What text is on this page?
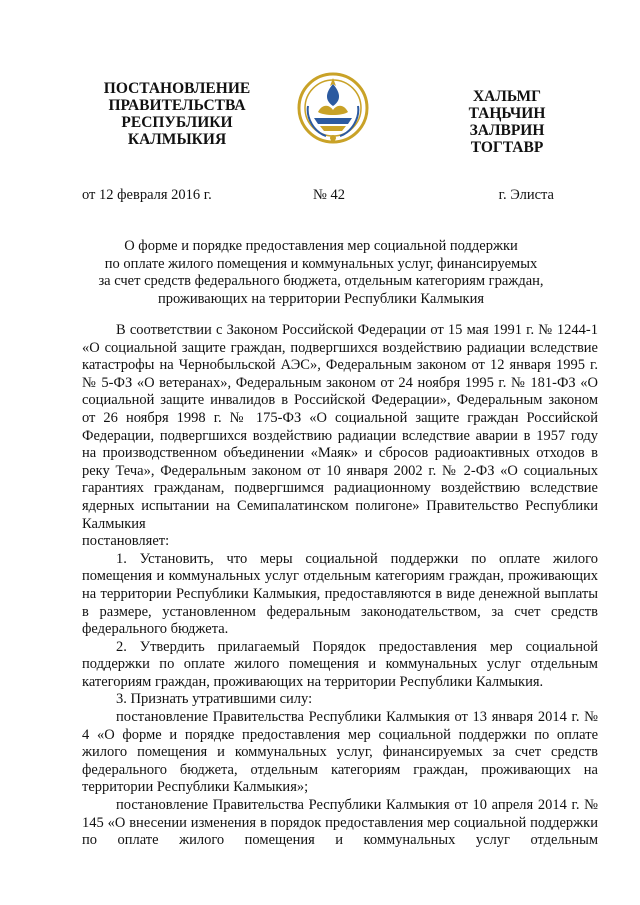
ПОСТАНОВЛЕНИЕ
ПРАВИТЕЛЬСТВА
РЕСПУБЛИКИ
КАЛМЫКИЯ
ХАЛЬМГ
ТАҢЬЧИН
ЗАЛВРИН
ТОГТАВР
от 12 февраля 2016 г.	№ 42	г. Элиста
О форме и порядке предоставления мер социальной поддержки
по оплате жилого помещения и коммунальных услуг, финансируемых
за счет средств федерального бюджета, отдельным категориям граждан,
проживающих на территории Республики Калмыкия

В соответствии с Законом Российской Федерации от 15 мая 1991 г. № 1244-1 «О социальной защите граждан, подвергшихся воздействию радиации вследствие катастрофы на Чернобыльской АЭС», Федеральным законом от 12 января 1995 г. № 5-ФЗ «О ветеранах», Федеральным законом от 24 ноября 1995 г. № 181-ФЗ «О социальной защите инвалидов в Российской Федерации», Федеральным законом от 26 ноября 1998 г. № 175-ФЗ «О социальной защите граждан Российской Федерации, подвергшихся воздействию радиации вследствие аварии в 1957 году на производственном объединении «Маяк» и сбросов радиоактивных отходов в реку Теча», Федеральным законом от 10 января 2002 г. № 2-ФЗ «О социальных гарантиях гражданам, подвергшимся радиационному воздействию вследствие ядерных испытании на Семипалатинском полигоне» Правительство Республики Калмыкия

постановляет:

1. Установить, что меры социальной поддержки по оплате жилого помещения и коммунальных услуг отдельным категориям граждан, проживающих на территории Республики Калмыкия, предоставляются в виде денежной выплаты в размере, установленном федеральным законодательством, за счет средств федерального бюджета.

2. Утвердить прилагаемый Порядок предоставления мер социальной поддержки по оплате жилого помещения и коммунальных услуг отдельным категориям граждан, проживающих на территории Республики Калмыкия.

3. Признать утратившими силу:

постановление Правительства Республики Калмыкия от 13 января 2014 г. № 4 «О форме и порядке предоставления мер социальной поддержки по оплате жилого помещения и коммунальных услуг, финансируемых за счет средств федерального бюджета, отдельным категориям граждан, проживающих на территории Республики Калмыкия»;

постановление Правительства Республики Калмыкия от 10 апреля 2014 г. № 145 «О внесении изменения в порядок предоставления мер социальной поддержки по оплате жилого помещения и коммунальных услуг отдельным
